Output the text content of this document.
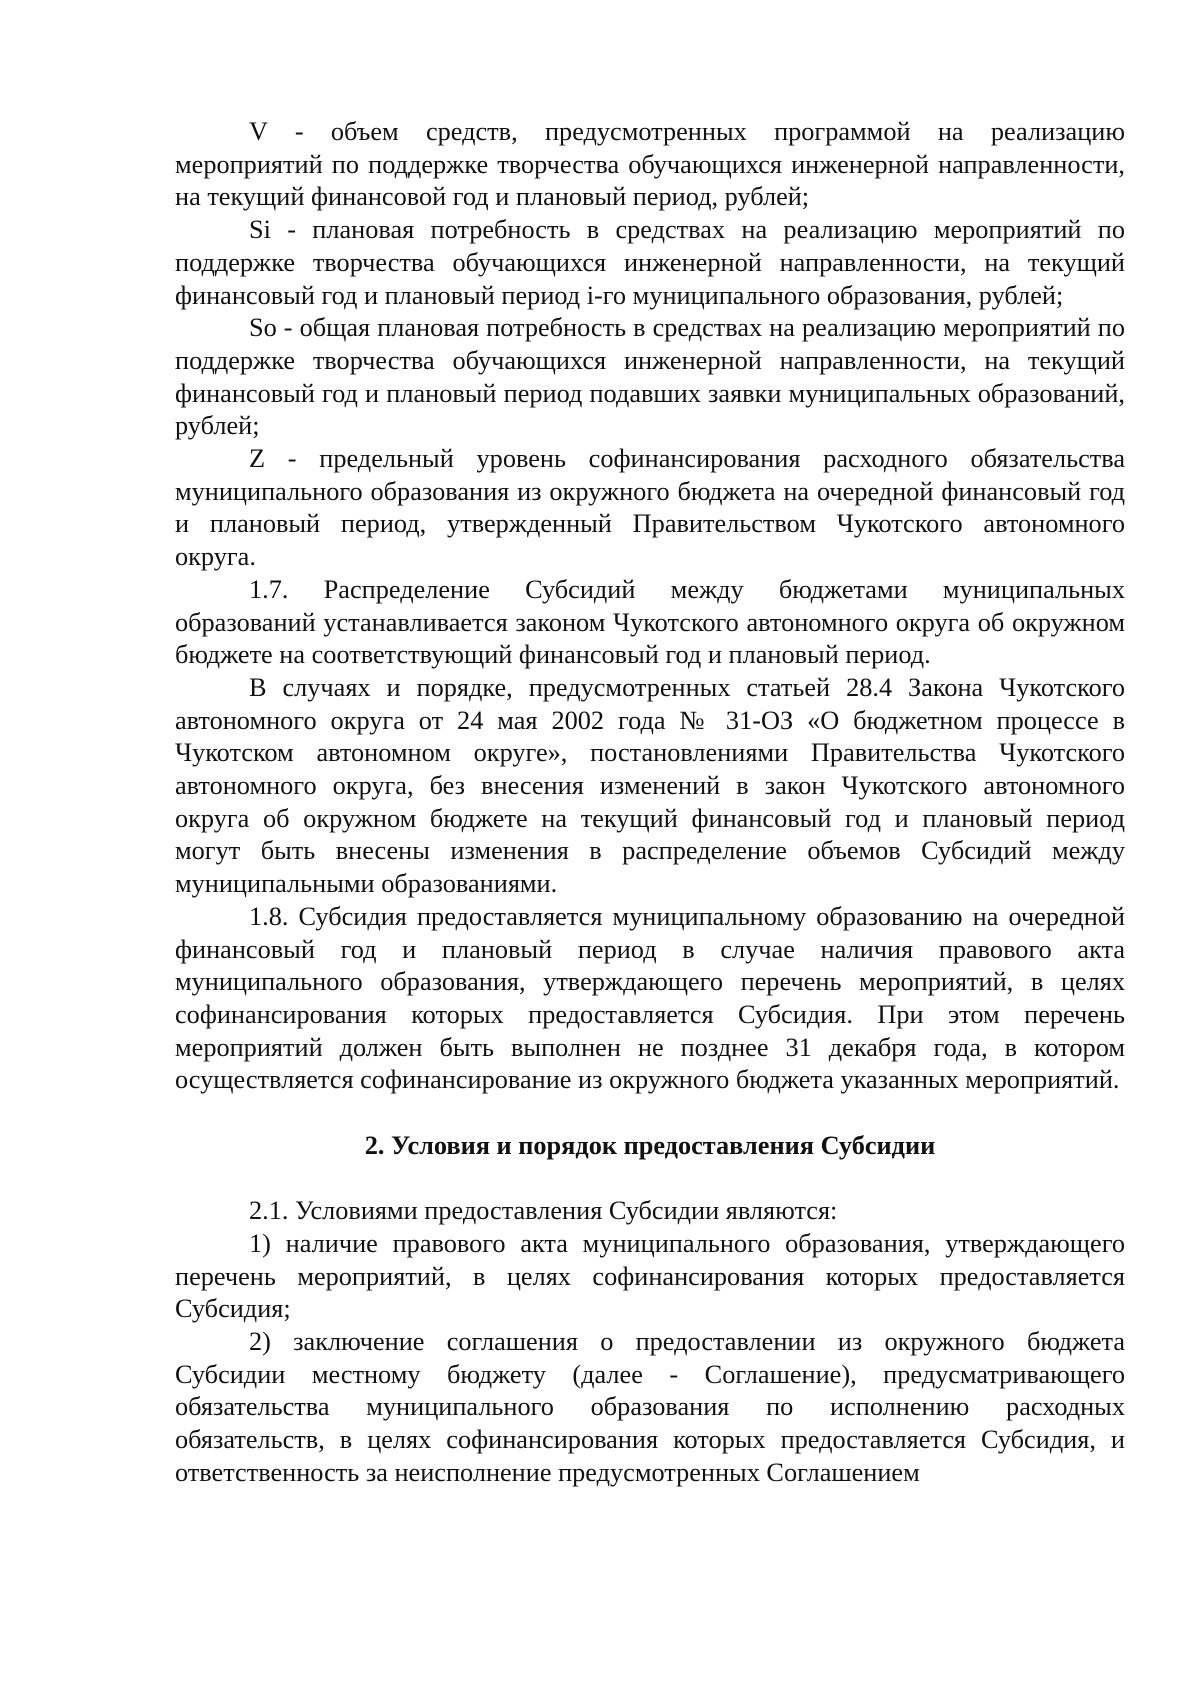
V - объем средств, предусмотренных программой на реализацию мероприятий по поддержке творчества обучающихся инженерной направленности, на текущий финансовой год и плановый период, рублей;

Si - плановая потребность в средствах на реализацию мероприятий по поддержке творчества обучающихся инженерной направленности, на текущий финансовый год и плановый период i-го муниципального образования, рублей;

So - общая плановая потребность в средствах на реализацию мероприятий по поддержке творчества обучающихся инженерной направленности, на текущий финансовый год и плановый период подавших заявки муниципальных образований, рублей;

Z - предельный уровень софинансирования расходного обязательства муниципального образования из окружного бюджета на очередной финансовый год и плановый период, утвержденный Правительством Чукотского автономного округа.

1.7. Распределение Субсидий между бюджетами муниципальных образований устанавливается законом Чукотского автономного округа об окружном бюджете на соответствующий финансовый год и плановый период.

В случаях и порядке, предусмотренных статьей 28.4 Закона Чукотского автономного округа от 24 мая 2002 года № 31-ОЗ «О бюджетном процессе в Чукотском автономном округе», постановлениями Правительства Чукотского автономного округа, без внесения изменений в закон Чукотского автономного округа об окружном бюджете на текущий финансовый год и плановый период могут быть внесены изменения в распределение объемов Субсидий между муниципальными образованиями.

1.8. Субсидия предоставляется муниципальному образованию на очередной финансовый год и плановый период в случае наличия правового акта муниципального образования, утверждающего перечень мероприятий, в целях софинансирования которых предоставляется Субсидия. При этом перечень мероприятий должен быть выполнен не позднее 31 декабря года, в котором осуществляется софинансирование из окружного бюджета указанных мероприятий.

2. Условия и порядок предоставления Субсидии

2.1. Условиями предоставления Субсидии являются:

1) наличие правового акта муниципального образования, утверждающего перечень мероприятий, в целях софинансирования которых предоставляется Субсидия;

2) заключение соглашения о предоставлении из окружного бюджета Субсидии местному бюджету (далее - Соглашение), предусматривающего обязательства муниципального образования по исполнению расходных обязательств, в целях софинансирования которых предоставляется Субсидия, и ответственность за неисполнение предусмотренных Соглашением
